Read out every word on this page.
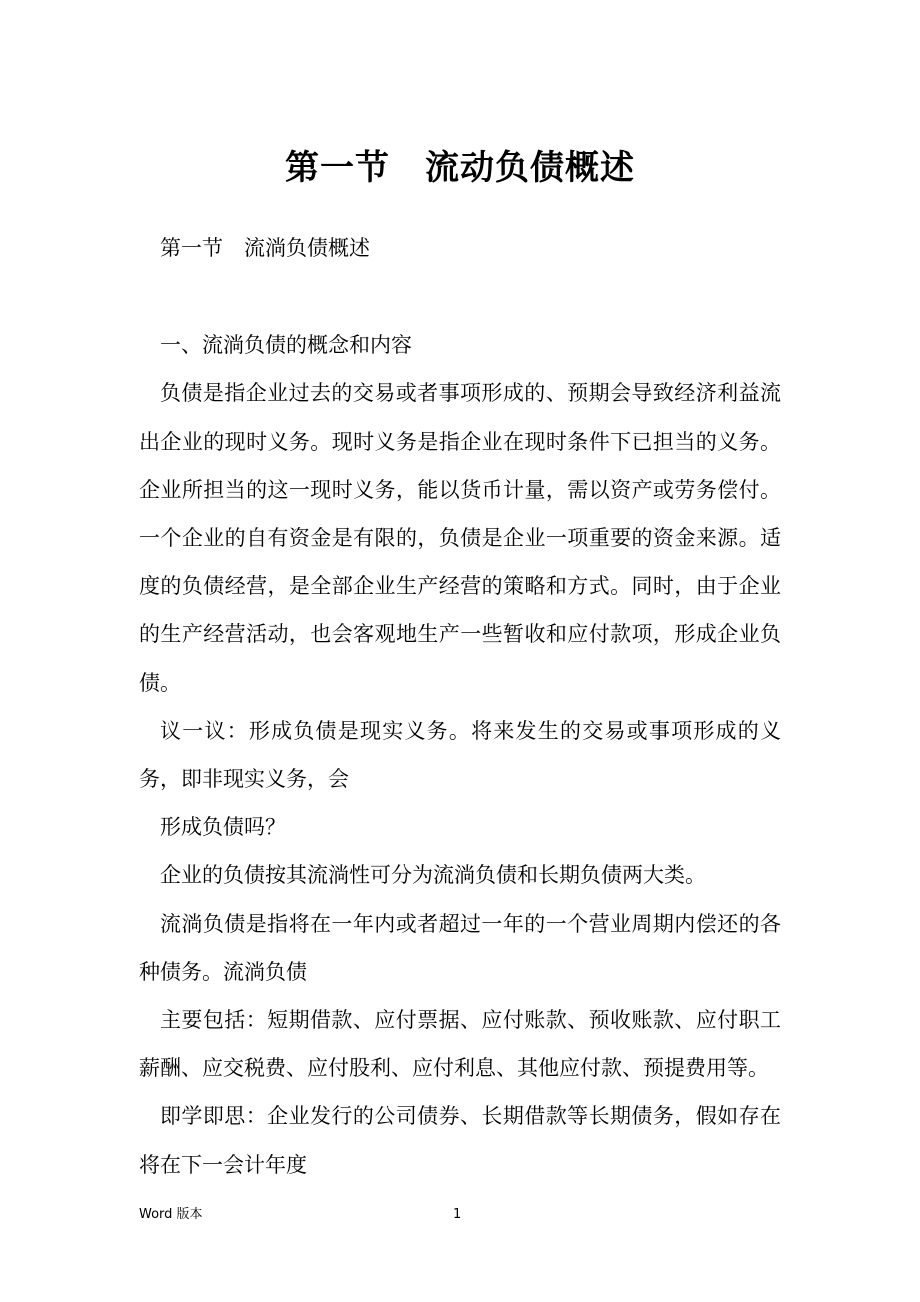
第一节　流动负债概述

第一节　流淌负债概述

一、流淌负债的概念和内容

负债是指企业过去的交易或者事项形成的、预期会导致经济利益流出企业的现时义务。现时义务是指企业在现时条件下已担当的义务。企业所担当的这一现时义务，能以货币计量，需以资产或劳务偿付。一个企业的自有资金是有限的，负债是企业一项重要的资金来源。适度的负债经营，是全部企业生产经营的策略和方式。同时，由于企业的生产经营活动，也会客观地生产一些暂收和应付款项，形成企业负债。

议一议：形成负债是现实义务。将来发生的交易或事项形成的义务，即非现实义务，会

形成负债吗？

企业的负债按其流淌性可分为流淌负债和长期负债两大类。

流淌负债是指将在一年内或者超过一年的一个营业周期内偿还的各种债务。流淌负债

主要包括：短期借款、应付票据、应付账款、预收账款、应付职工薪酬、应交税费、应付股利、应付利息、其他应付款、预提费用等。

即学即思：企业发行的公司债券、长期借款等长期债务，假如存在将在下一会计年度

Word 版本	1
